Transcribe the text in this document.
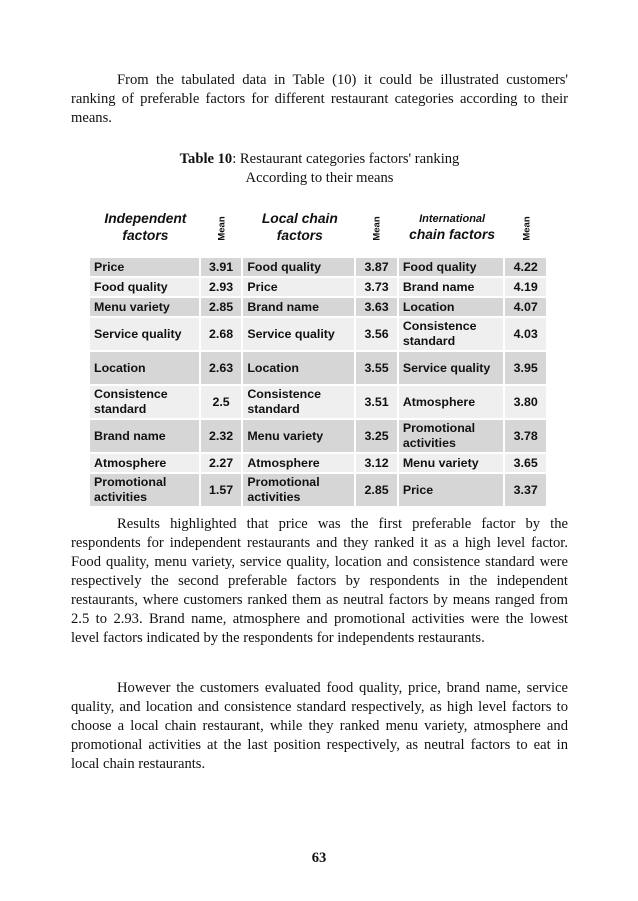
From the tabulated data in Table (10) it could be illustrated customers' ranking of preferable factors for different restaurant categories according to their means.

Table 10: Restaurant categories factors' ranking
According to their means
Independent factors	Mean	Local chain factors	Mean	International
chain factors	Mean
Price	3.91	Food quality	3.87	Food quality	4.22
Food quality	2.93	Price	3.73	Brand name	4.19
Menu variety	2.85	Brand name	3.63	Location	4.07
Service quality	2.68	Service quality	3.56	Consistence standard	4.03
Location	2.63	Location	3.55	Service quality	3.95
Consistence standard	2.5	Consistence standard	3.51	Atmosphere	3.80
Brand name	2.32	Menu variety	3.25	Promotional activities	3.78
Atmosphere	2.27	Atmosphere	3.12	Menu variety	3.65
Promotional activities	1.57	Promotional activities	2.85	Price	3.37

Results highlighted that price was the first preferable factor by the respondents for independent restaurants and they ranked it as a high level factor. Food quality, menu variety, service quality, location and consistence standard were respectively the second preferable factors by respondents in the independent restaurants, where customers ranked them as neutral factors by means ranged from 2.5 to 2.93. Brand name, atmosphere and promotional activities were the lowest level factors indicated by the respondents for independents restaurants.

However the customers evaluated food quality, price, brand name, service quality, and location and consistence standard respectively, as high level factors to choose a local chain restaurant, while they ranked menu variety, atmosphere and promotional activities at the last position respectively, as neutral factors to eat in local chain restaurants.

63
